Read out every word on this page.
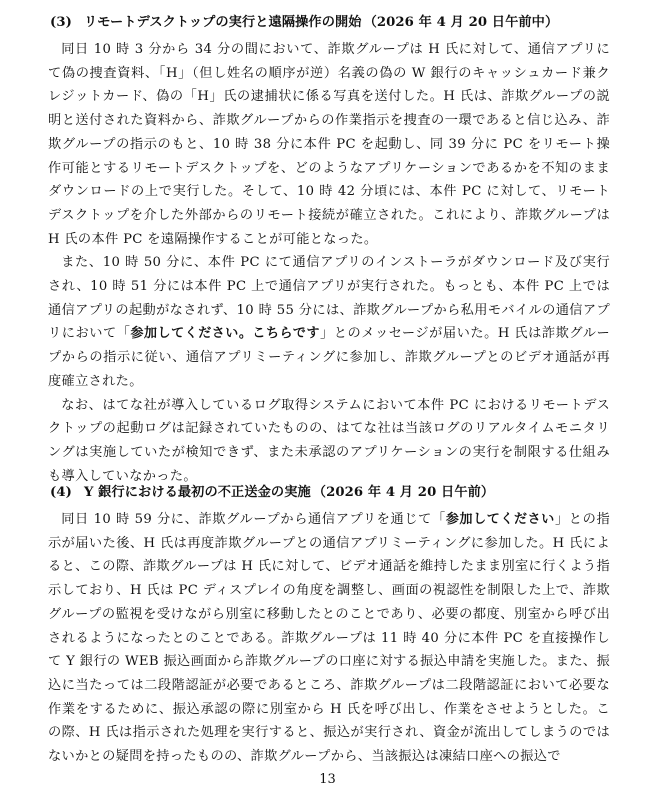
(3) リモートデスクトップの実行と遠隔操作の開始 （2026 年 4 月 20 日午前中）

同日 10 時 3 分から 34 分の間において、詐欺グループは H 氏に対して、通信アプリにて偽の捜査資料、「H」（但し姓名の順序が逆）名義の偽の W 銀行のキャッシュカード兼クレジットカード、偽の「H」氏の逮捕状に係る写真を送付した。H 氏は、詐欺グループの説明と送付された資料から、詐欺グループからの作業指示を捜査の一環であると信じ込み、詐欺グループの指示のもと、10 時 38 分に本件 PC を起動し、同 39 分に PC をリモート操作可能とするリモートデスクトップを、どのようなアプリケーションであるかを不知のままダウンロードの上で実行した。そして、10 時 42 分頃には、本件 PC に対して、リモートデスクトップを介した外部からのリモート接続が確立された。これにより、詐欺グループは H 氏の本件 PC を遠隔操作することが可能となった。

また、10 時 50 分に、本件 PC にて通信アプリのインストーラがダウンロード及び実行され、10 時 51 分には本件 PC 上で通信アプリが実行された。もっとも、本件 PC 上では通信アプリの起動がなされず、10 時 55 分には、詐欺グループから私用モバイルの通信アプリにおいて「参加してください。こちらです」とのメッセージが届いた。H 氏は詐欺グループからの指示に従い、通信アプリミーティングに参加し、詐欺グループとのビデオ通話が再度確立された。

なお、はてな社が導入しているログ取得システムにおいて本件 PC におけるリモートデスクトップの起動ログは記録されていたものの、はてな社は当該ログのリアルタイムモニタリングは実施していたが検知できず、また未承認のアプリケーションの実行を制限する仕組みも導入していなかった。

(4) Y 銀行における最初の不正送金の実施 （2026 年 4 月 20 日午前）

同日 10 時 59 分に、詐欺グループから通信アプリを通じて「参加してください」との指示が届いた後、H 氏は再度詐欺グループとの通信アプリミーティングに参加した。H 氏によると、この際、詐欺グループは H 氏に対して、ビデオ通話を維持したまま別室に行くよう指示しており、H 氏は PC ディスプレイの角度を調整し、画面の視認性を制限した上で、詐欺グループの監視を受けながら別室に移動したとのことであり、必要の都度、別室から呼び出されるようになったとのことである。詐欺グループは 11 時 40 分に本件 PC を直接操作して Y 銀行の WEB 振込画面から詐欺グループの口座に対する振込申請を実施した。また、振込に当たっては二段階認証が必要であるところ、詐欺グループは二段階認証において必要な作業をするために、振込承認の際に別室から H 氏を呼び出し、作業をさせようとした。この際、H 氏は指示された処理を実行すると、振込が実行され、資金が流出してしまうのではないかとの疑問を持ったものの、詐欺グループから、当該振込は凍結口座への振込で

13
